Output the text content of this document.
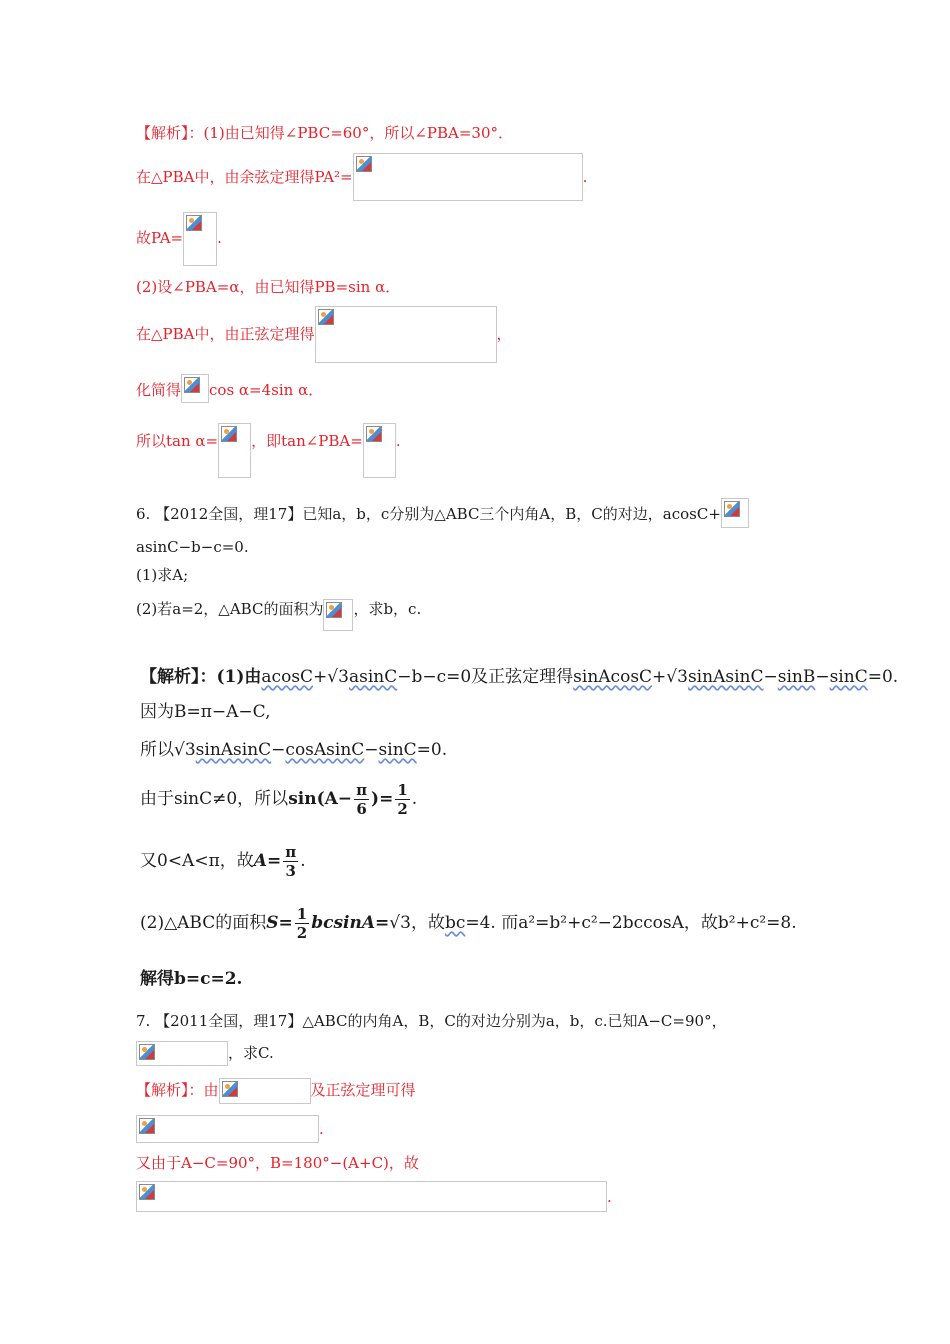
【解析】：(1)由已知得∠PBC=60°，所以∠PBA=30°．
在△PBA中，由余弦定理得PA²=	.
故PA= .
(2)设∠PBA=α，由已知得PB=sin α．
在△PBA中，由正弦定理得	，
化简得 cos α=4sin α．
所以tan α= ，即tan∠PBA= .
6. 【2012全国，理17】已知a，b，c分别为△ABC三个内角A，B，C的对边，acosC+
asinC−b−c=0.
(1)求A;
(2)若a=2，△ABC的面积为 ，求b，c.
【解析】：(1)由acosC+√3asinC−b−c=0及正弦定理得sinAcosC+√3sinAsinC−sinB−sinC=0.
因为B=π−A−C,
所以√3sinAsinC−cosAsinC−sinC=0.
由于sinC≠0，所以$\sin(A- \frac{\pi}{6}$ )= $\frac{1}{2}$ .
又0<A<π，故$A= \frac{\pi}{3}$ .
(2)△ABC的面积$S= \frac{1}{2} bcsinA=√3$，故bc=4. 而a²=b²+c²−2bccosA，故b²+c²=8.
解得b=c=2.
7. 【2011全国，理17】△ABC的内角A，B，C的对边分别为a，b，c.已知A−C=90°，
，求C.
【解析】：由	及正弦定理可得
.
又由于A−C=90°，B=180°−(A+C)，故
.
